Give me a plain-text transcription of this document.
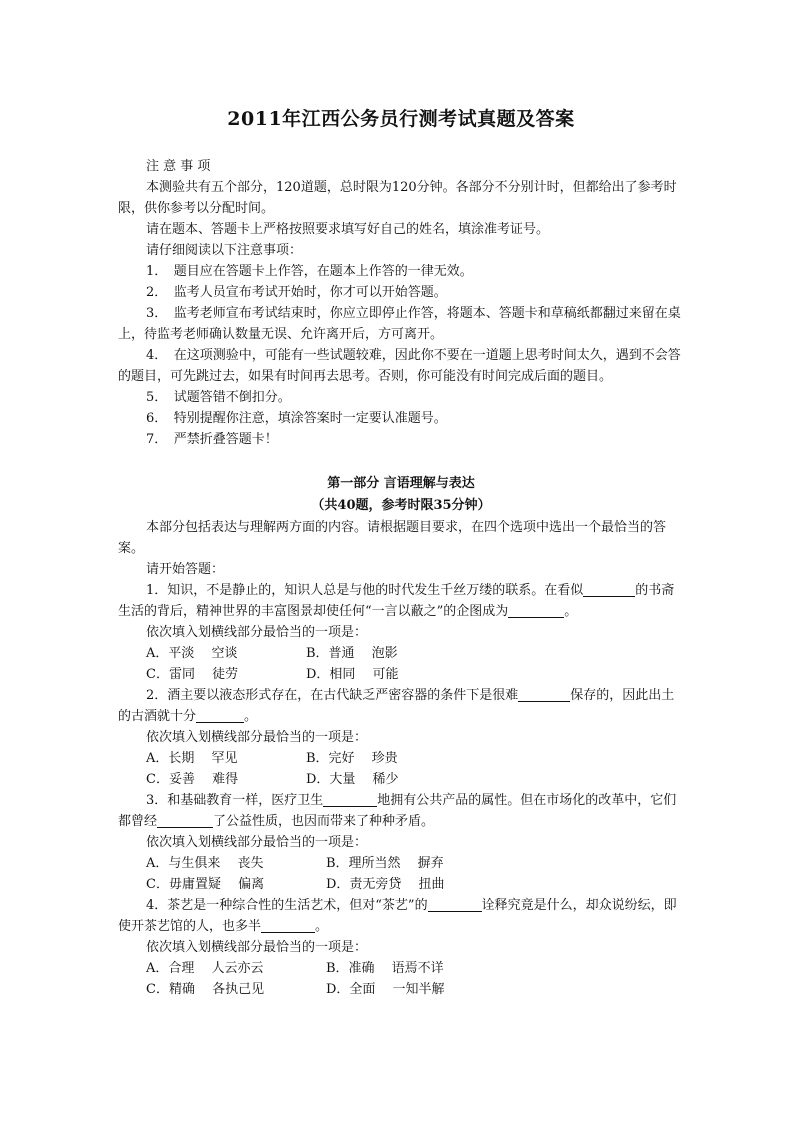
2011年江西公务员行测考试真题及答案

注 意 事 项

本测验共有五个部分，120道题，总时限为120分钟。各部分不分别计时，但都给出了参考时限，供你参考以分配时间。

请在题本、答题卡上严格按照要求填写好自己的姓名，填涂准考证号。

请仔细阅读以下注意事项：

1．　题目应在答题卡上作答，在题本上作答的一律无效。

2．　监考人员宣布考试开始时，你才可以开始答题。

3．　监考老师宣布考试结束时，你应立即停止作答，将题本、答题卡和草稿纸都翻过来留在桌上，待监考老师确认数量无误、允许离开后，方可离开。

4．　在这项测验中，可能有一些试题较难，因此你不要在一道题上思考时间太久，遇到不会答的题目，可先跳过去，如果有时间再去思考。否则，你可能没有时间完成后面的题目。

5．　试题答错不倒扣分。

6．　特别提醒你注意，填涂答案时一定要认准题号。

7．　严禁折叠答题卡！

第一部分 言语理解与表达
（共40题，参考时限35分钟）

本部分包括表达与理解两方面的内容。请根据题目要求，在四个选项中选出一个最恰当的答案。

请开始答题：

1．知识，不是静止的，知识人总是与他的时代发生千丝万缕的联系。在看似	的书斋生活的背后，精神世界的丰富图景却使任何“一言以蔽之”的企图成为	。

依次填入划横线部分最恰当的一项是：

A．平淡　 空谈	B．普通　 泡影
C．雷同　 徒劳	D．相同　 可能

2．酒主要以液态形式存在，在古代缺乏严密容器的条件下是很难	保存的，因此出土的古酒就十分	。

依次填入划横线部分最恰当的一项是：

A．长期　 罕见	B．完好　 珍贵
C．妥善　 难得	D．大量　 稀少

3．和基础教育一样，医疗卫生	地拥有公共产品的属性。但在市场化的改革中，它们都曾经	了公益性质，也因而带来了种种矛盾。

依次填入划横线部分最恰当的一项是：

A．与生俱来　 丧失	B．理所当然　 摒弃
C．毋庸置疑　 偏离	D．责无旁贷　 扭曲

4．茶艺是一种综合性的生活艺术，但对“茶艺”的	诠释究竟是什么，却众说纷纭，即使开茶艺馆的人，也多半	。

依次填入划横线部分最恰当的一项是：

A．合理　 人云亦云	B．准确　 语焉不详
C．精确　 各执己见	D．全面　 一知半解
